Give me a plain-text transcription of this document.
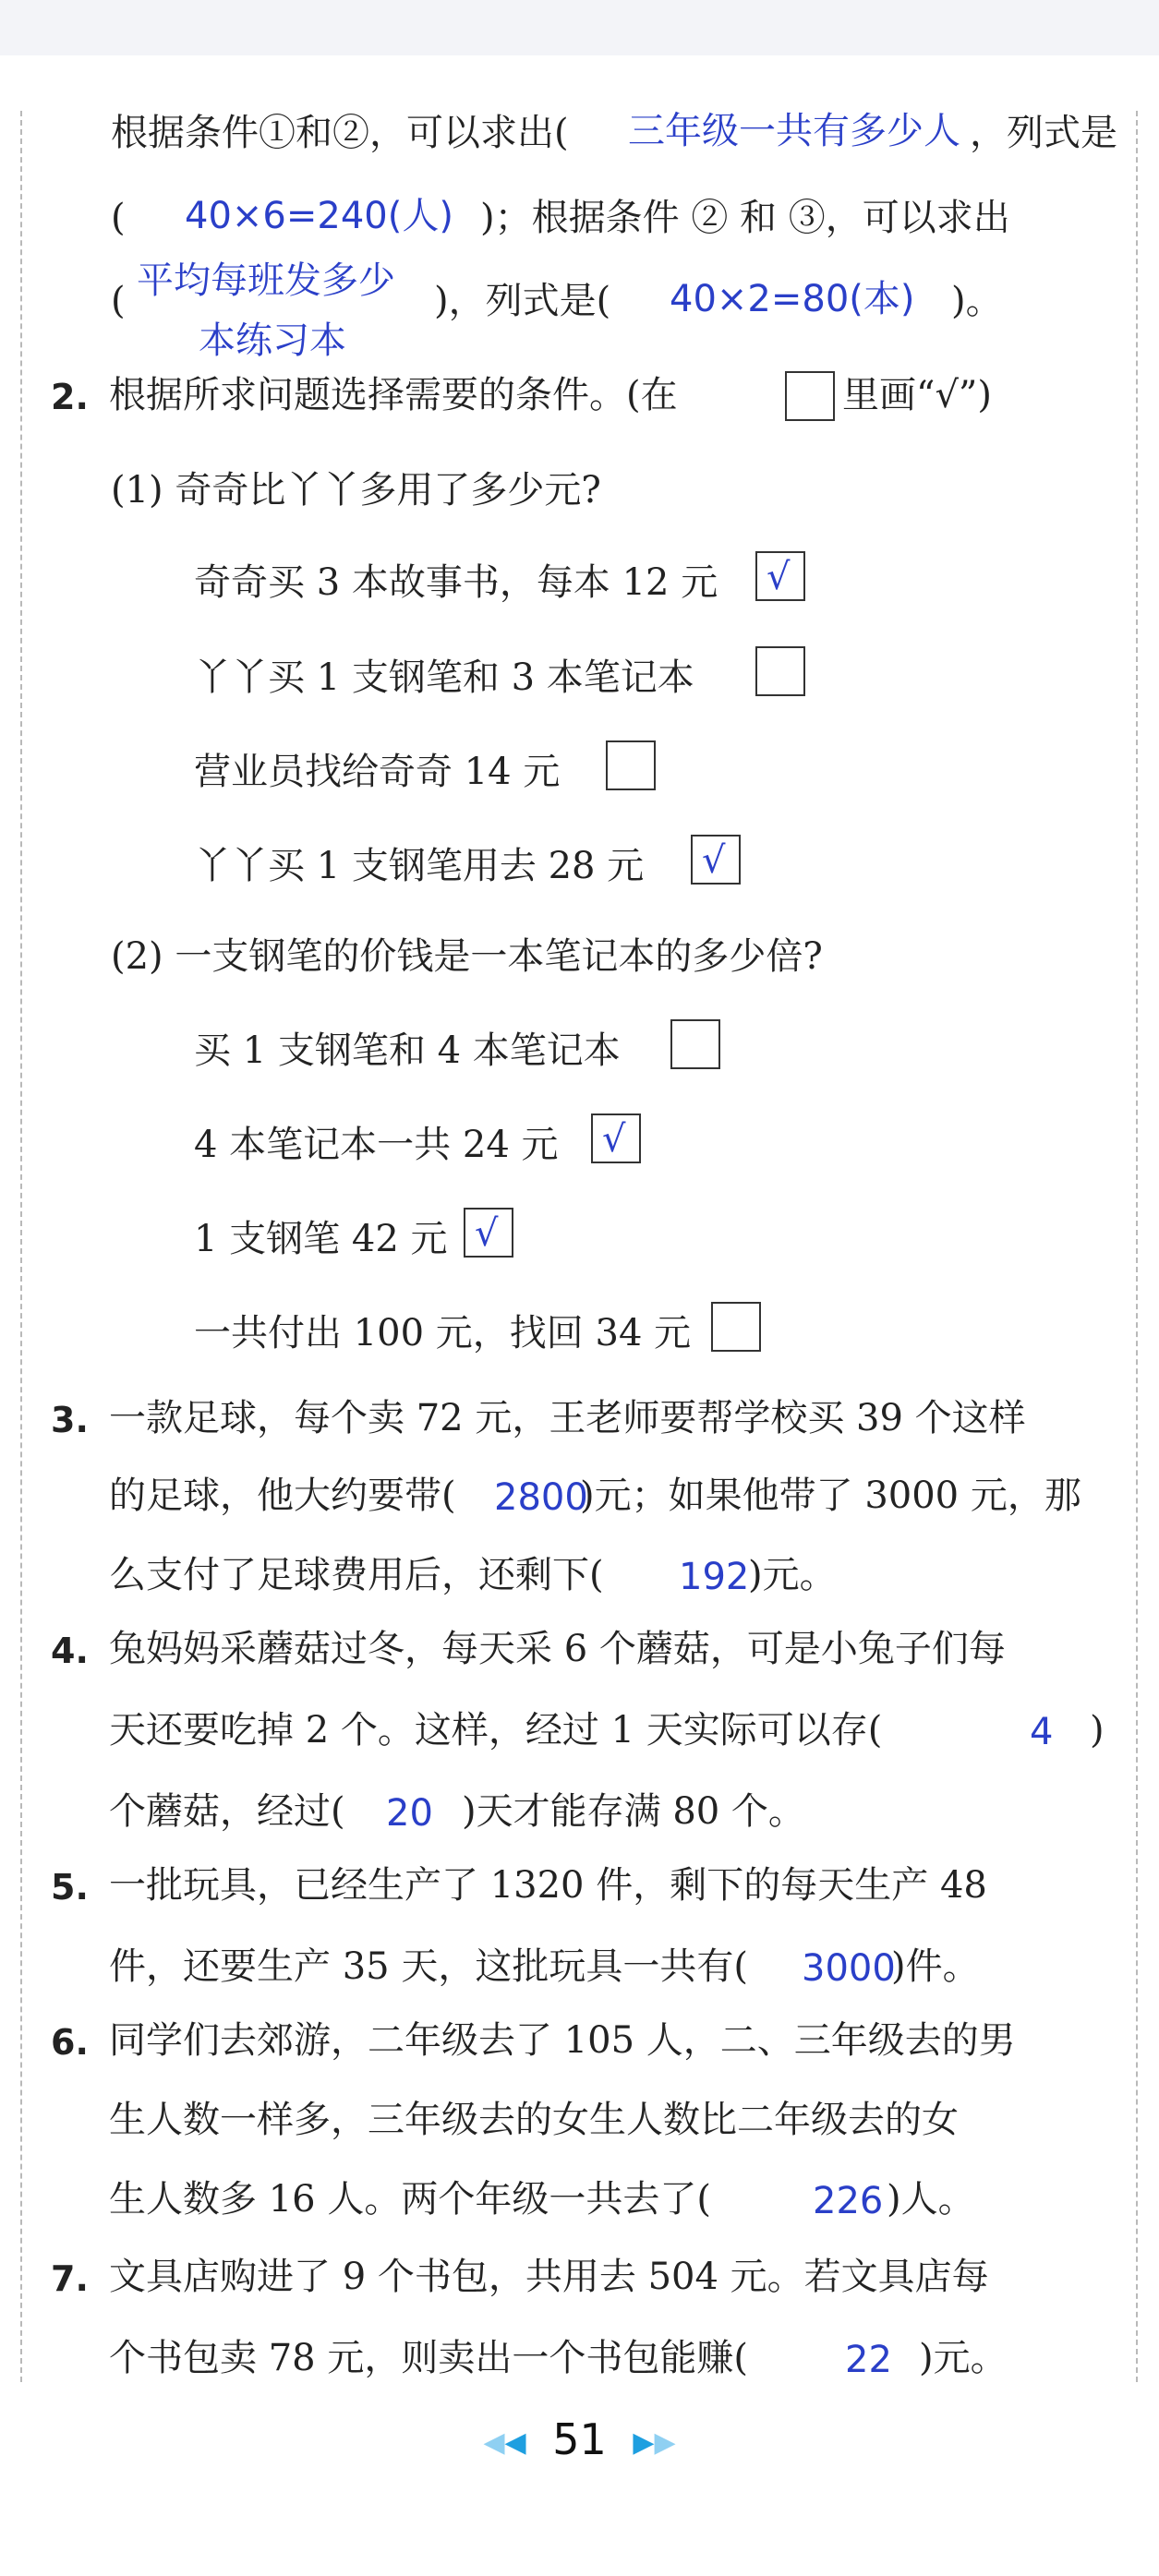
根据条件①和②，可以求出( 三年级一共有多少人 ，列式是
( 40×6=240(人) )；根据条件 ② 和 ③，可以求出
( 平均每班发多少 )，列式是( 40×2=80(本) )。
本练习本
2. 根据所求问题选择需要的条件。(在	里画“√”)
(1) 奇奇比丫丫多用了多少元?
奇奇买 3 本故事书，每本 12 元 √
丫丫买 1 支钢笔和 3 本笔记本
营业员找给奇奇 14 元
丫丫买 1 支钢笔用去 28 元 √
(2) 一支钢笔的价钱是一本笔记本的多少倍?
买 1 支钢笔和 4 本笔记本
4 本笔记本一共 24 元 √
1 支钢笔 42 元 √
一共付出 100 元，找回 34 元
3. 一款足球，每个卖 72 元，王老师要帮学校买 39 个这样
的足球，他大约要带( 2800
)元；如果他带了 3000 元，那
么支付了足球费用后，还剩下( 192
)元。
4. 兔妈妈采蘑菇过冬，每天采 6 个蘑菇，可是小兔子们每
天还要吃掉 2 个。这样，经过 1 天实际可以存(	4 )
个蘑菇，经过( 20 )天才能存满 80 个。
5. 一批玩具，已经生产了 1320 件，剩下的每天生产 48
件，还要生产 35 天，这批玩具一共有( 3000
)件。
6. 同学们去郊游，二年级去了 105 人，二、三年级去的男
生人数一样多，三年级去的女生人数比二年级去的女
生人数多 16 人。两个年级一共去了(	226 )人。
7. 文具店购进了 9 个书包，共用去 504 元。若文具店每
个书包卖 78 元，则卖出一个书包能赚(	22 )元。
◀◀ 51 ▶▶
